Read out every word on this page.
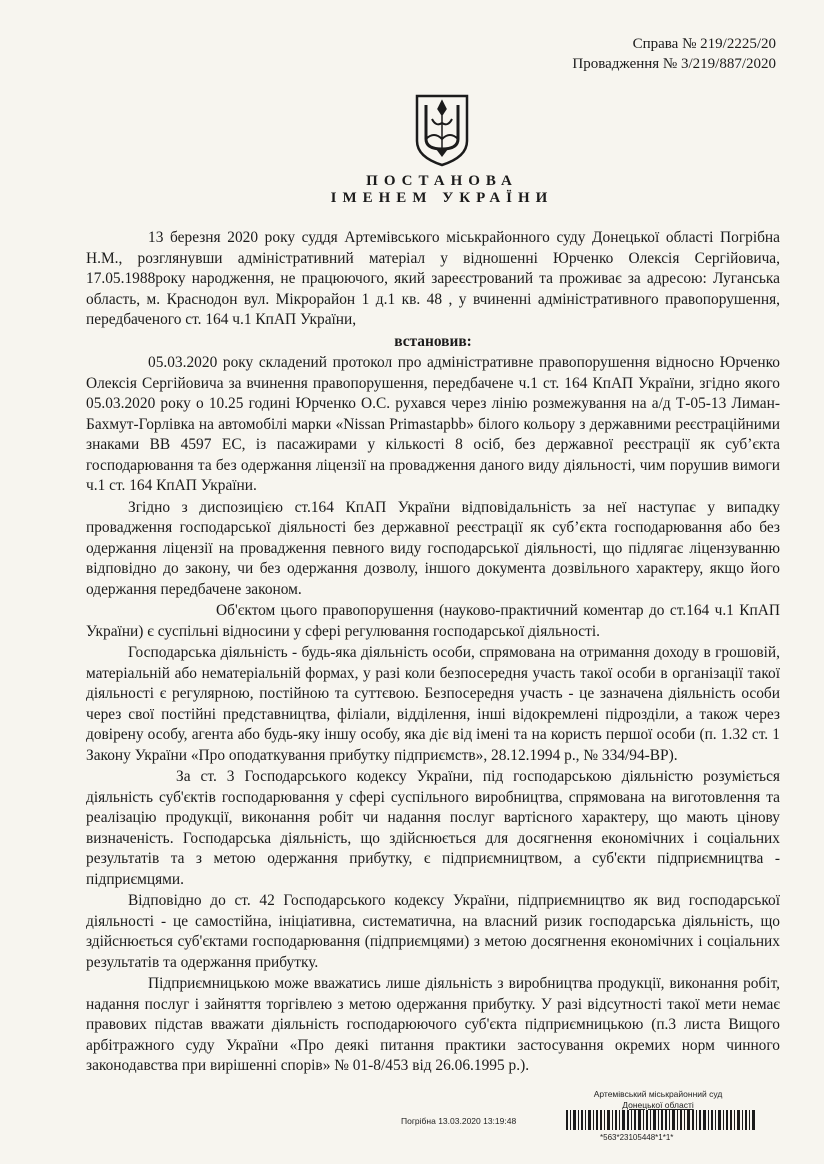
Справа № 219/2225/20
Провадження № 3/219/887/2020
ПОСТАНОВА
ІМЕНЕМ УКРАЇНИ

13 березня 2020 року суддя Артемівського міськрайонного суду Донецької області Погрібна Н.М., розглянувши адміністративний матеріал у відношенні Юрченко Олексія Сергійовича, 17.05.1988року народження, не працюючого, який зареєстрований та проживає за адресою: Луганська область, м. Краснодон вул. Мікрорайон 1 д.1 кв. 48 , у вчиненні адміністративного правопорушення, передбаченого ст. 164 ч.1 КпАП України,

встановив:

05.03.2020 року складений протокол про адміністративне правопорушення відносно Юрченко Олексія Сергійовича за вчинення правопорушення, передбачене ч.1 ст. 164 КпАП України, згідно якого 05.03.2020 року о 10.25 годині Юрченко О.С. рухався через лінію розмежування на а/д Т-05-13 Лиман-Бахмут-Горлівка на автомобілі марки «Nissan Primastapbb» білого кольору з державними реєстраційними знаками ВВ 4597 ЕС, із пасажирами у кількості 8 осіб, без державної реєстрації як суб’єкта господарювання та без одержання ліцензії на провадження даного виду діяльності, чим порушив вимоги ч.1 ст. 164 КпАП України.

Згідно з диспозицією ст.164 КпАП України відповідальність за неї наступає у випадку провадження господарської діяльності без державної реєстрації як суб’єкта господарювання або без одержання ліцензії на провадження певного виду господарської діяльності, що підлягає ліцензуванню відповідно до закону, чи без одержання дозволу, іншого документа дозвільного характеру, якщо його одержання передбачене законом.

Об'єктом цього правопорушення (науково-практичний коментар до ст.164 ч.1 КпАП України) є суспільні відносини у сфері регулювання господарської діяльності.

Господарська діяльність - будь-яка діяльність особи, спрямована на отримання доходу в грошовій, матеріальній або нематеріальній формах, у разі коли безпосередня участь такої особи в організації такої діяльності є регулярною, постійною та суттєвою. Безпосередня участь - це зазначена діяльність особи через свої постійні представництва, філіали, відділення, інші відокремлені підрозділи, а також через довірену особу, агента або будь-яку іншу особу, яка діє від імені та на користь першої особи (п. 1.32 ст. 1 Закону України «Про оподаткування прибутку підприємств», 28.12.1994 р., № 334/94-ВР).

За ст. 3 Господарського кодексу України, під господарською діяльністю розуміється діяльність суб'єктів господарювання у сфері суспільного виробництва, спрямована на виготовлення та реалізацію продукції, виконання робіт чи надання послуг вартісного характеру, що мають цінову визначеність. Господарська діяльність, що здійснюється для досягнення економічних і соціальних результатів та з метою одержання прибутку, є підприємництвом, а суб'єкти підприємництва - підприємцями.

Відповідно до ст. 42 Господарського кодексу України, підприємництво як вид господарської діяльності - це самостійна, ініціативна, систематична, на власний ризик господарська діяльність, що здійснюється суб'єктами господарювання (підприємцями) з метою досягнення економічних і соціальних результатів та одержання прибутку.

Підприємницькою може вважатись лише діяльність з виробництва продукції, виконання робіт, надання послуг і зайняття торгівлею з метою одержання прибутку. У разі відсутності такої мети немає правових підстав вважати діяльність господарюючого суб'єкта підприємницькою (п.3 листа Вищого арбітражного суду України «Про деякі питання практики застосування окремих норм чинного законодавства при вирішенні спорів» № 01-8/453 від 26.06.1995 р.).

Артемівський міськрайонний суд
Донецької області
Погрібна 13.03.2020 13:19:48
*563*23105448*1*1*
